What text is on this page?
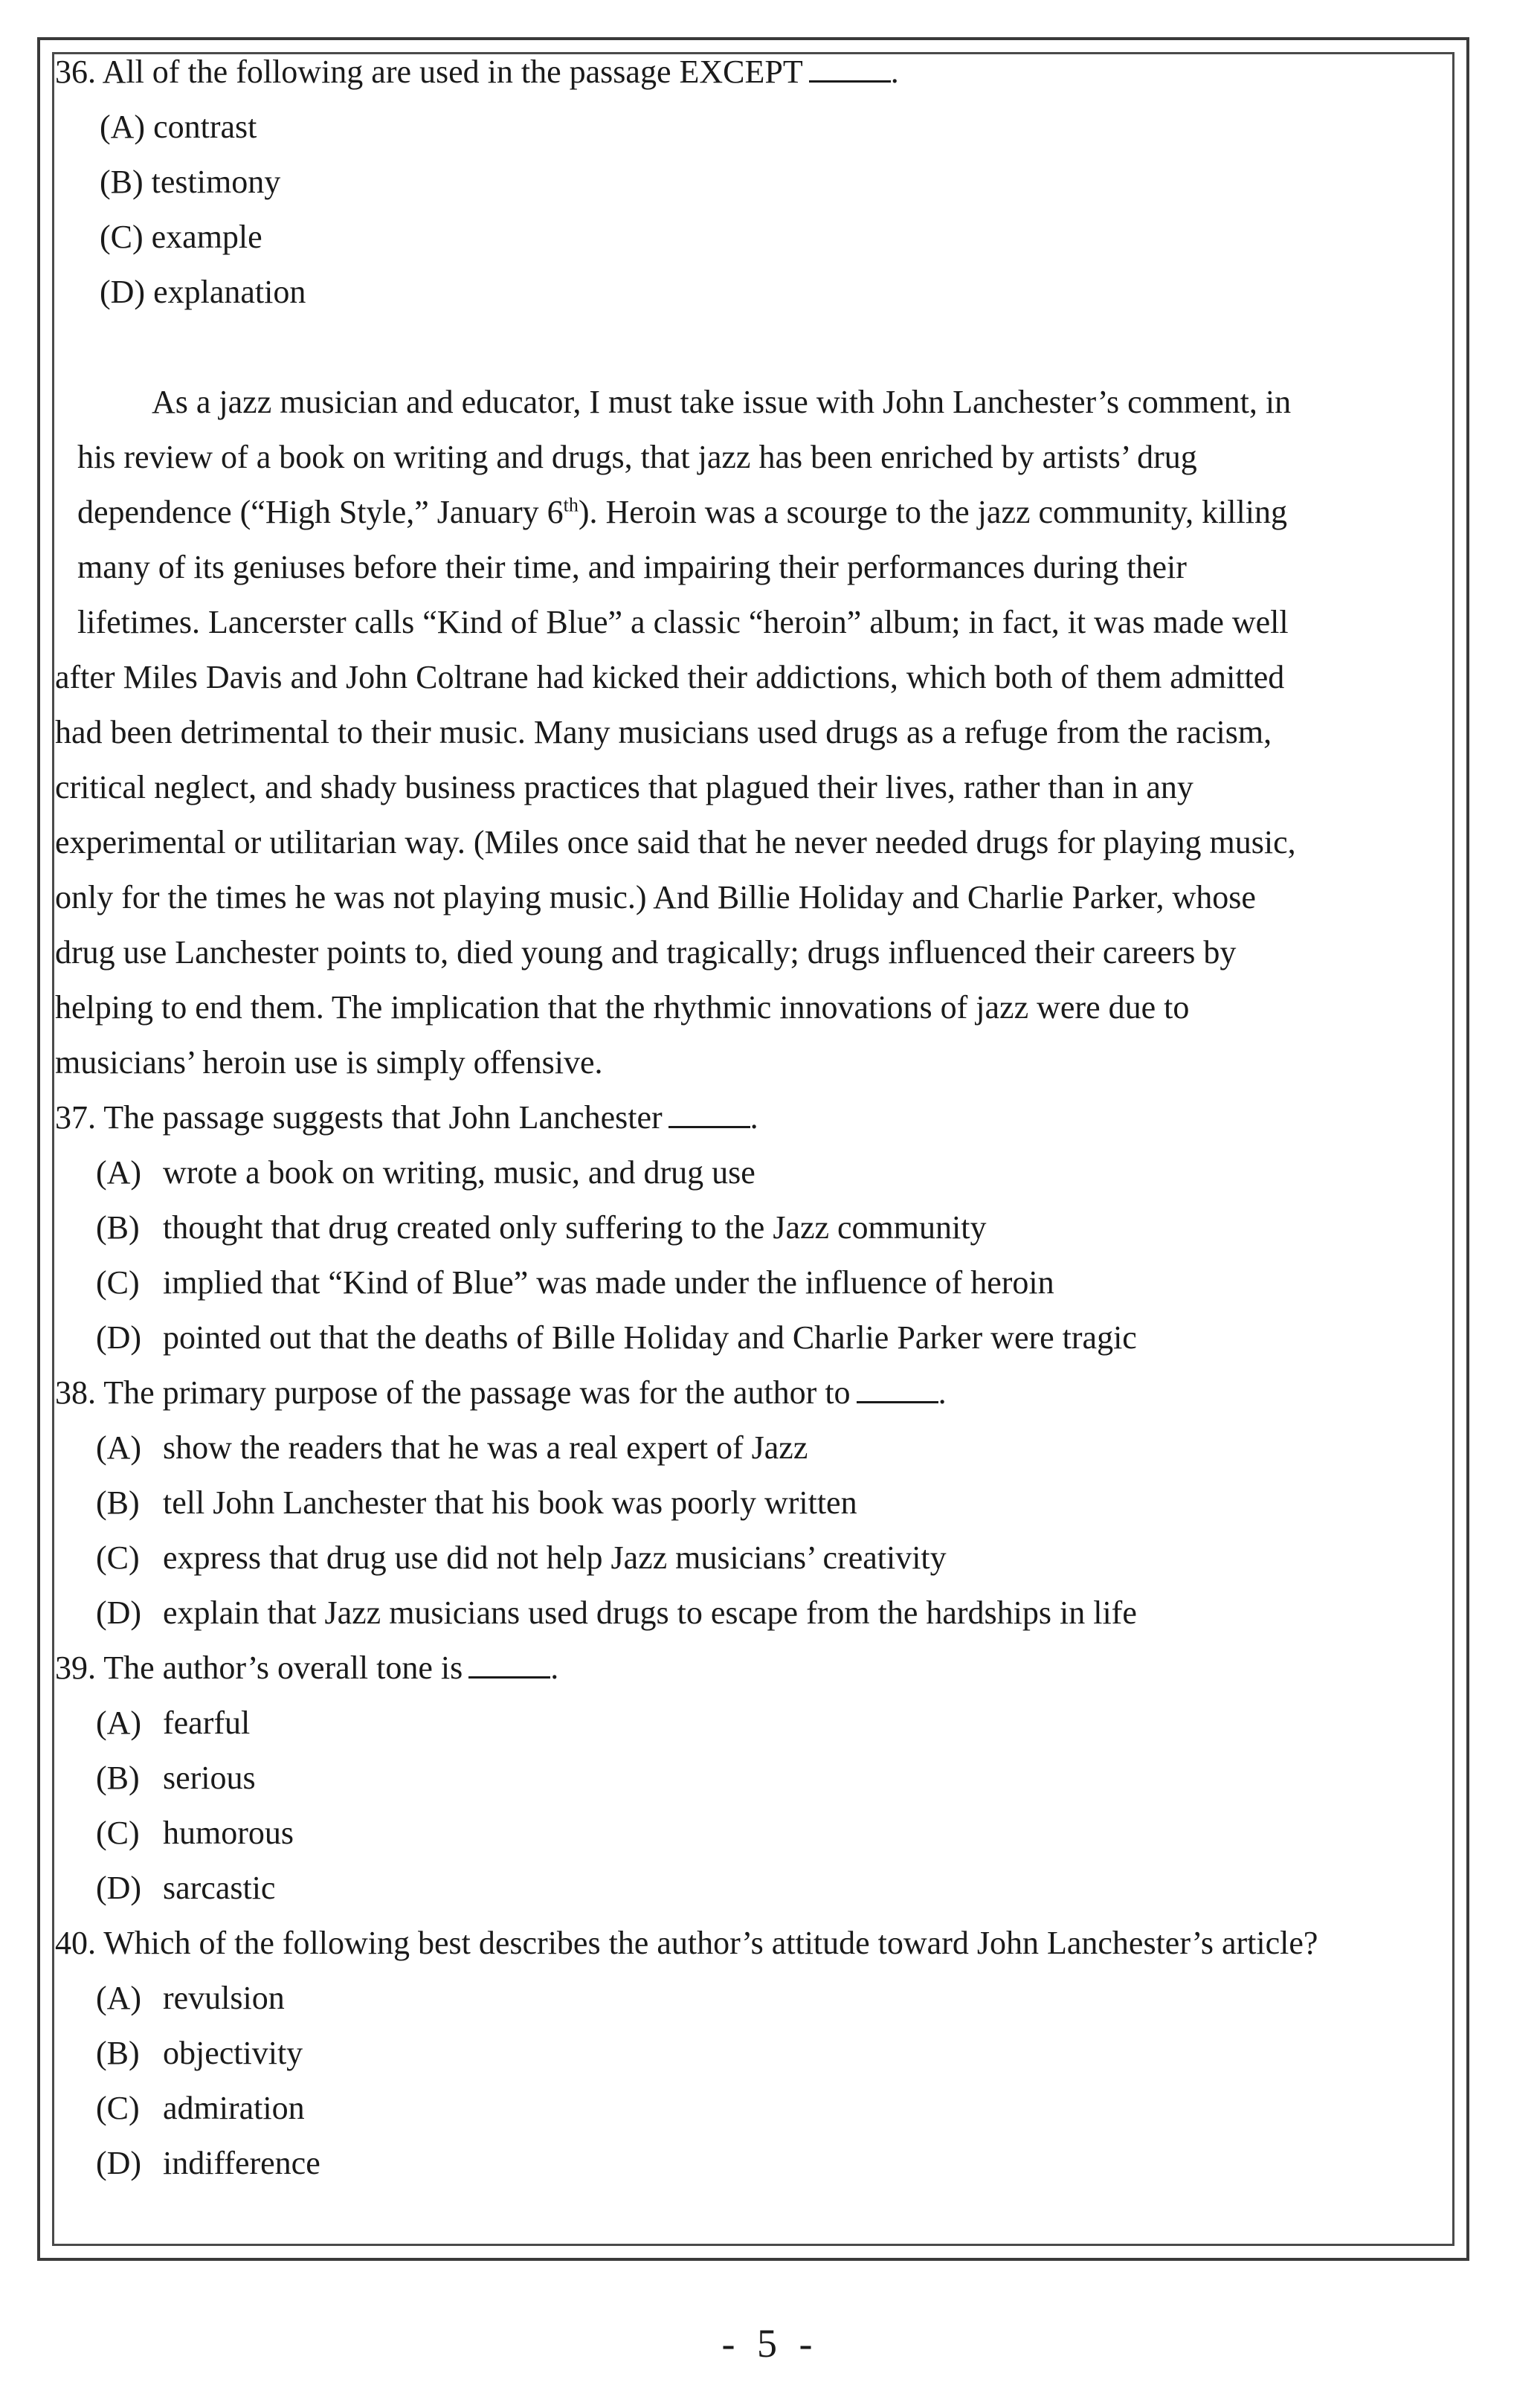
36. All of the following are used in the passage EXCEPT	.
(A) contrast
(B) testimony
(C) example
(D) explanation
As a jazz musician and educator, I must take issue with John Lanchester’s comment, in
his review of a book on writing and drugs, that jazz has been enriched by artists’ drug
dependence (“High Style,” January 6th). Heroin was a scourge to the jazz community, killing
many of its geniuses before their time, and impairing their performances during their
lifetimes. Lancerster calls “Kind of Blue” a classic “heroin” album; in fact, it was made well
after Miles Davis and John Coltrane had kicked their addictions, which both of them admitted
had been detrimental to their music. Many musicians used drugs as a refuge from the racism,
critical neglect, and shady business practices that plagued their lives, rather than in any
experimental or utilitarian way. (Miles once said that he never needed drugs for playing music,
only for the times he was not playing music.) And Billie Holiday and Charlie Parker, whose
drug use Lanchester points to, died young and tragically; drugs influenced their careers by
helping to end them. The implication that the rhythmic innovations of jazz were due to
musicians’ heroin use is simply offensive.
37. The passage suggests that John Lanchester	.
(A) wrote a book on writing, music, and drug use
(B) thought that drug created only suffering to the Jazz community
(C) implied that “Kind of Blue” was made under the influence of heroin
(D) pointed out that the deaths of Bille Holiday and Charlie Parker were tragic
38. The primary purpose of the passage was for the author to	.
(A) show the readers that he was a real expert of Jazz
(B) tell John Lanchester that his book was poorly written
(C) express that drug use did not help Jazz musicians’ creativity
(D) explain that Jazz musicians used drugs to escape from the hardships in life
39. The author’s overall tone is	.
(A) fearful
(B) serious
(C) humorous
(D) sarcastic
40. Which of the following best describes the author’s attitude toward John Lanchester’s article?
(A) revulsion
(B) objectivity
(C) admiration
(D) indifference
- 5 -
